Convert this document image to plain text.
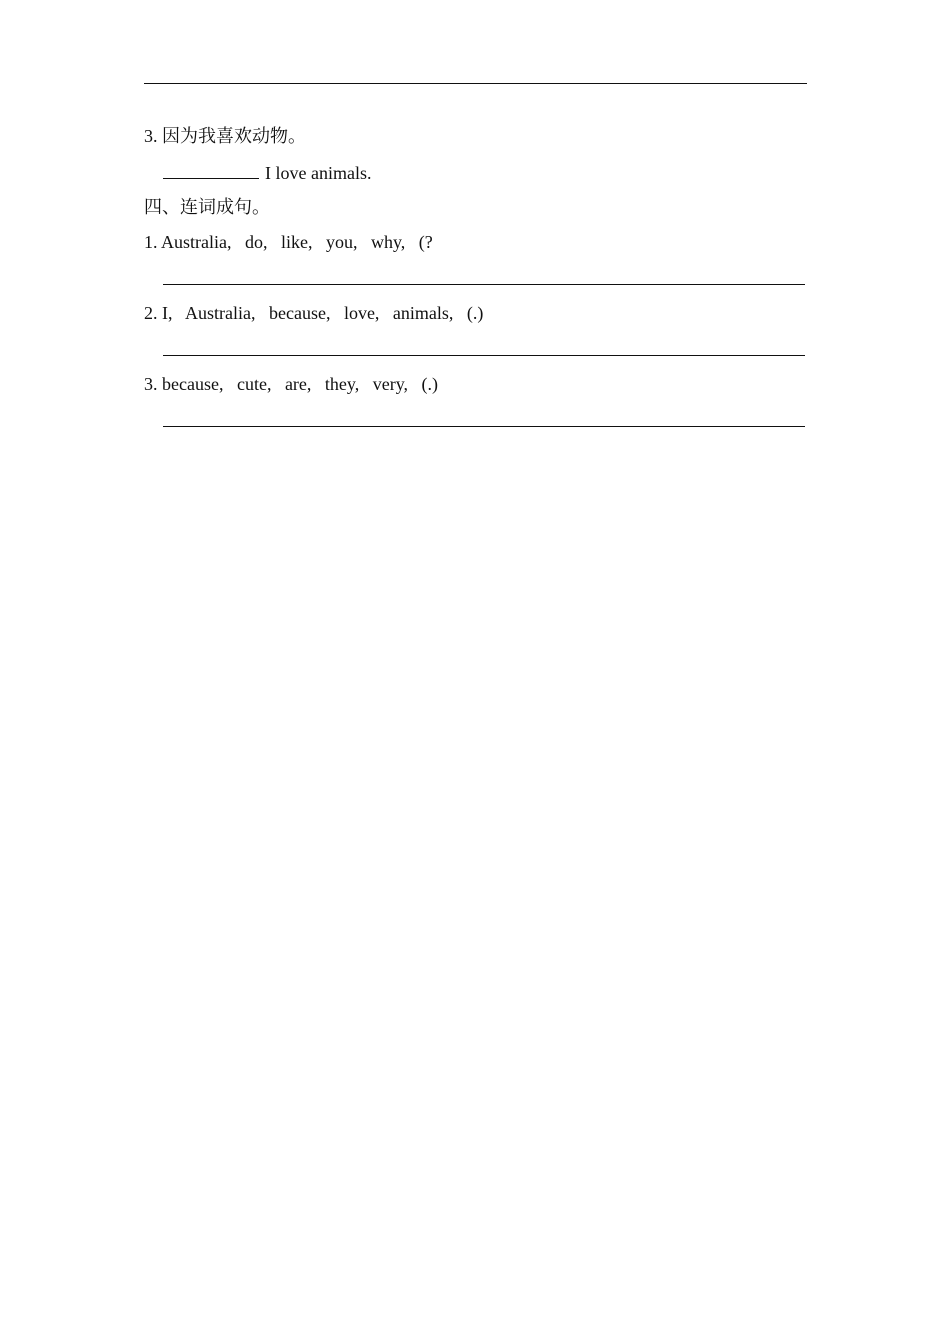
3. 因为我喜欢动物。
I love animals.
四、连词成句。
1. Australia,   do,   like,   you,   why,   (?
2. I,   Australia,   because,   love,   animals,   (.)
3. because,   cute,   are,   they,   very,   (.)
